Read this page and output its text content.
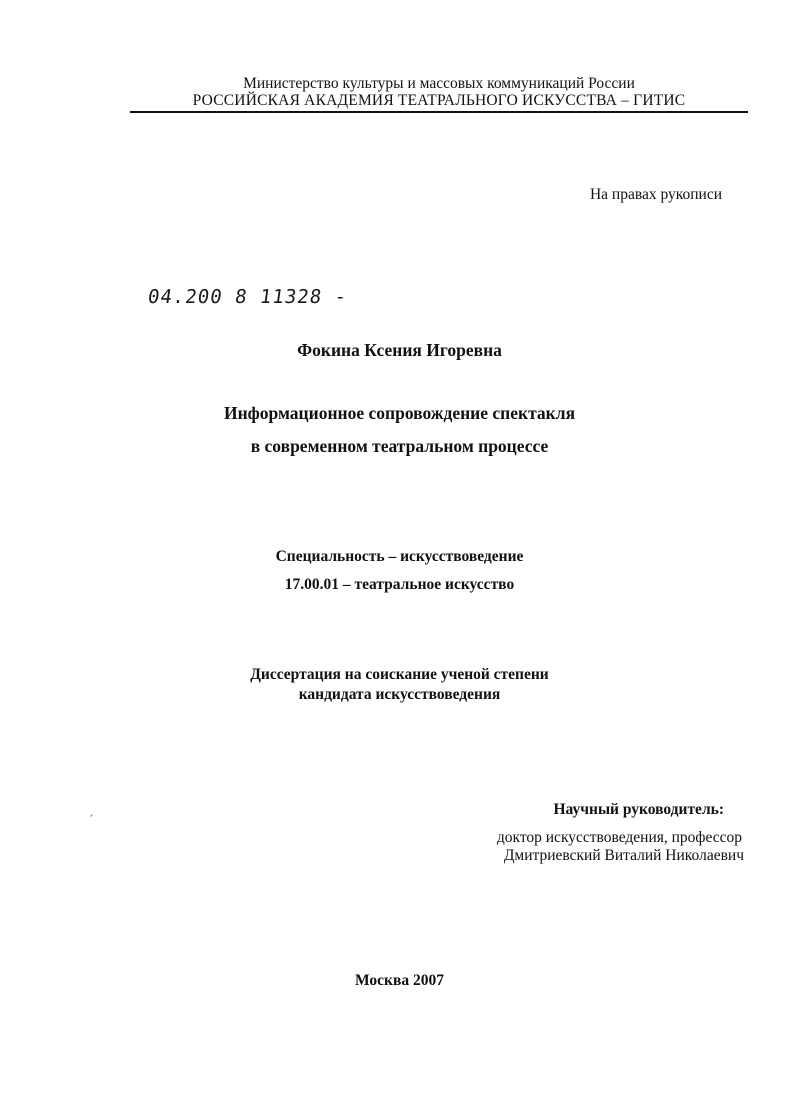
Министерство культуры и массовых коммуникаций России
РОССИЙСКАЯ АКАДЕМИЯ ТЕАТРАЛЬНОГО ИСКУССТВА – ГИТИС
На правах рукописи
04.200 8 11328 -
Фокина Ксения Игоревна
Информационное сопровождение спектакля
в современном театральном процессе
Специальность – искусствоведение
17.00.01 – театральное искусство
Диссертация на соискание ученой степени
кандидата искусствоведения
Научный руководитель:
доктор искусствоведения, профессор
Дмитриевский Виталий Николаевич
Москва 2007
